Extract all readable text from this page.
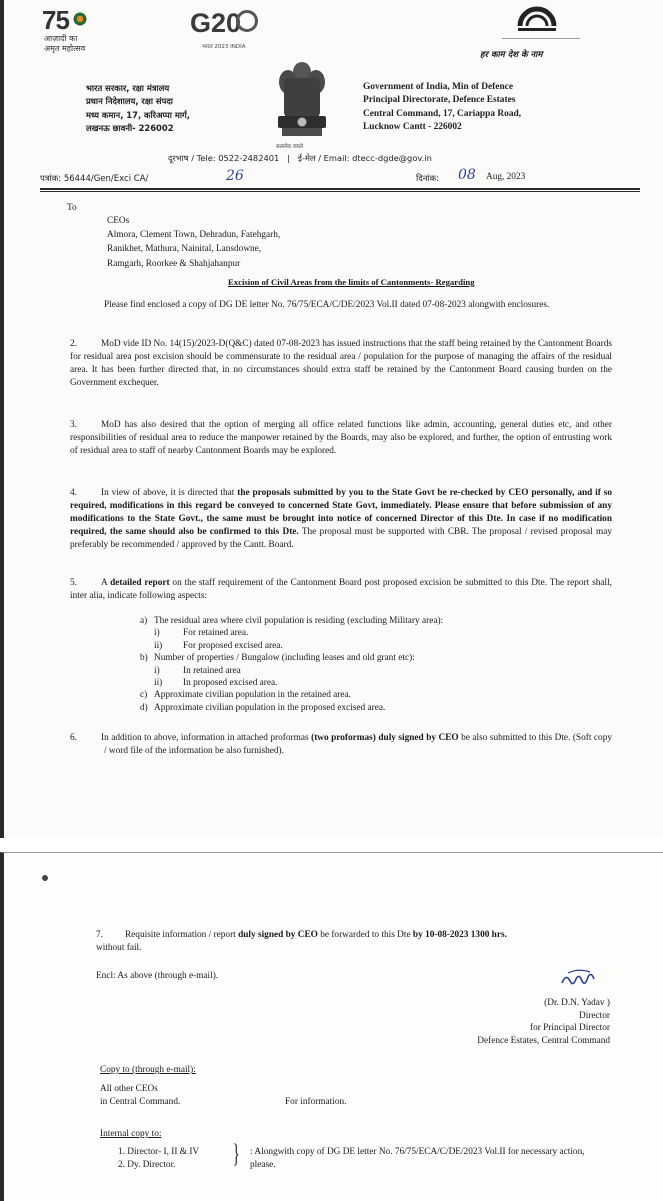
75
आज़ादी का
अमृत महोत्सव
G20
भारत 2023 INDIA
हर काम देश के नाम
भारत सरकार, रक्षा मंत्रालय
प्रधान निदेशालय, रक्षा संपदा
मध्य कमान, 17, करिअप्पा मार्ग,
लखनऊ छावनी- 226002
सत्यमेव जयते
Government of India, Min of Defence
Principal Directorate, Defence Estates
Central Command, 17, Cariappa Road,
Lucknow Cantt - 226002
दूरभाष / Tele: 0522-2482401   |   ई-मेल / Email: dtecc-dgde@gov.in
पत्रांक: 56444/Gen/Exci CA/	26	दिनांक: 08 Aug, 2023
To
CEOs
Almora, Clement Town, Dehradun, Fatehgarh,
Ranikhet, Mathura, Nainital, Lansdowne,
Ramgarh, Roorkee & Shahjahanpur
Excision of Civil Areas from the limits of Cantonments- Regarding
Please find enclosed a copy of DG DE letter No. 76/75/ECA/C/DE/2023 Vol.II dated 07-08-2023 alongwith enclosures.
2.	MoD vide ID No. 14(15)/2023-D(Q&C) dated 07-08-2023 has issued instructions that the staff being retained by the Cantonment Boards for residual area post excision should be commensurate to the residual area / population for the purpose of managing the affairs of the residual area. It has been further directed that, in no circumstances should extra staff be retained by the Cantonment Board causing burden on the Government exchequer.
3.	MoD has also desired that the option of merging all office related functions like admin, accounting, general duties etc, and other responsibilities of residual area to reduce the manpower retained by the Boards, may also be explored, and further, the option of entrusting work of residual area to staff of nearby Cantonment Boards may be explored.
4.	In view of above, it is directed that the proposals submitted by you to the State Govt be re-checked by CEO personally, and if so required, modifications in this regard be conveyed to concerned State Govt, immediately. Please ensure that before submission of any modifications to the State Govt., the same must be brought into notice of concerned Director of this Dte. In case if no modification required, the same should also be confirmed to this Dte. The proposal must be supported with CBR. The proposal / revised proposal may preferably be recommended / approved by the Cantt. Board.
5.	A detailed report on the staff requirement of the Cantonment Board post proposed excision be submitted to this Dte. The report shall, inter alia, indicate following aspects:
a) The residual area where civil population is residing (excluding Military area):
i)	For retained area.
ii) For proposed excised area.
b) Number of properties / Bungalow (including leases and old grant etc):
i)	In retained area
ii) In proposed excised area.
c) Approximate civilian population in the retained area.
d) Approximate civilian population in the proposed excised area.
6.	In addition to above, information in attached proformas (two proformas) duly signed by CEO be also submitted to this Dte. (Soft copy / word file of the information be also furnished).
7. Requisite information / report duly signed by CEO be forwarded to this Dte by 10-08-2023 1300 hrs.
without fail.
Encl: As above (through e-mail).
(Dr. D.N. Yadav )
Director
for Principal Director
Defence Estates, Central Command
Copy to (through e-mail):
All other CEOs
in Central Command.	For information.
Internal copy to:
1. Director- I, II & IV
2. Dy. Director.	} : Alongwith copy of DG DE letter No. 76/75/ECA/C/DE/2023 Vol.II for necessary action, please.
